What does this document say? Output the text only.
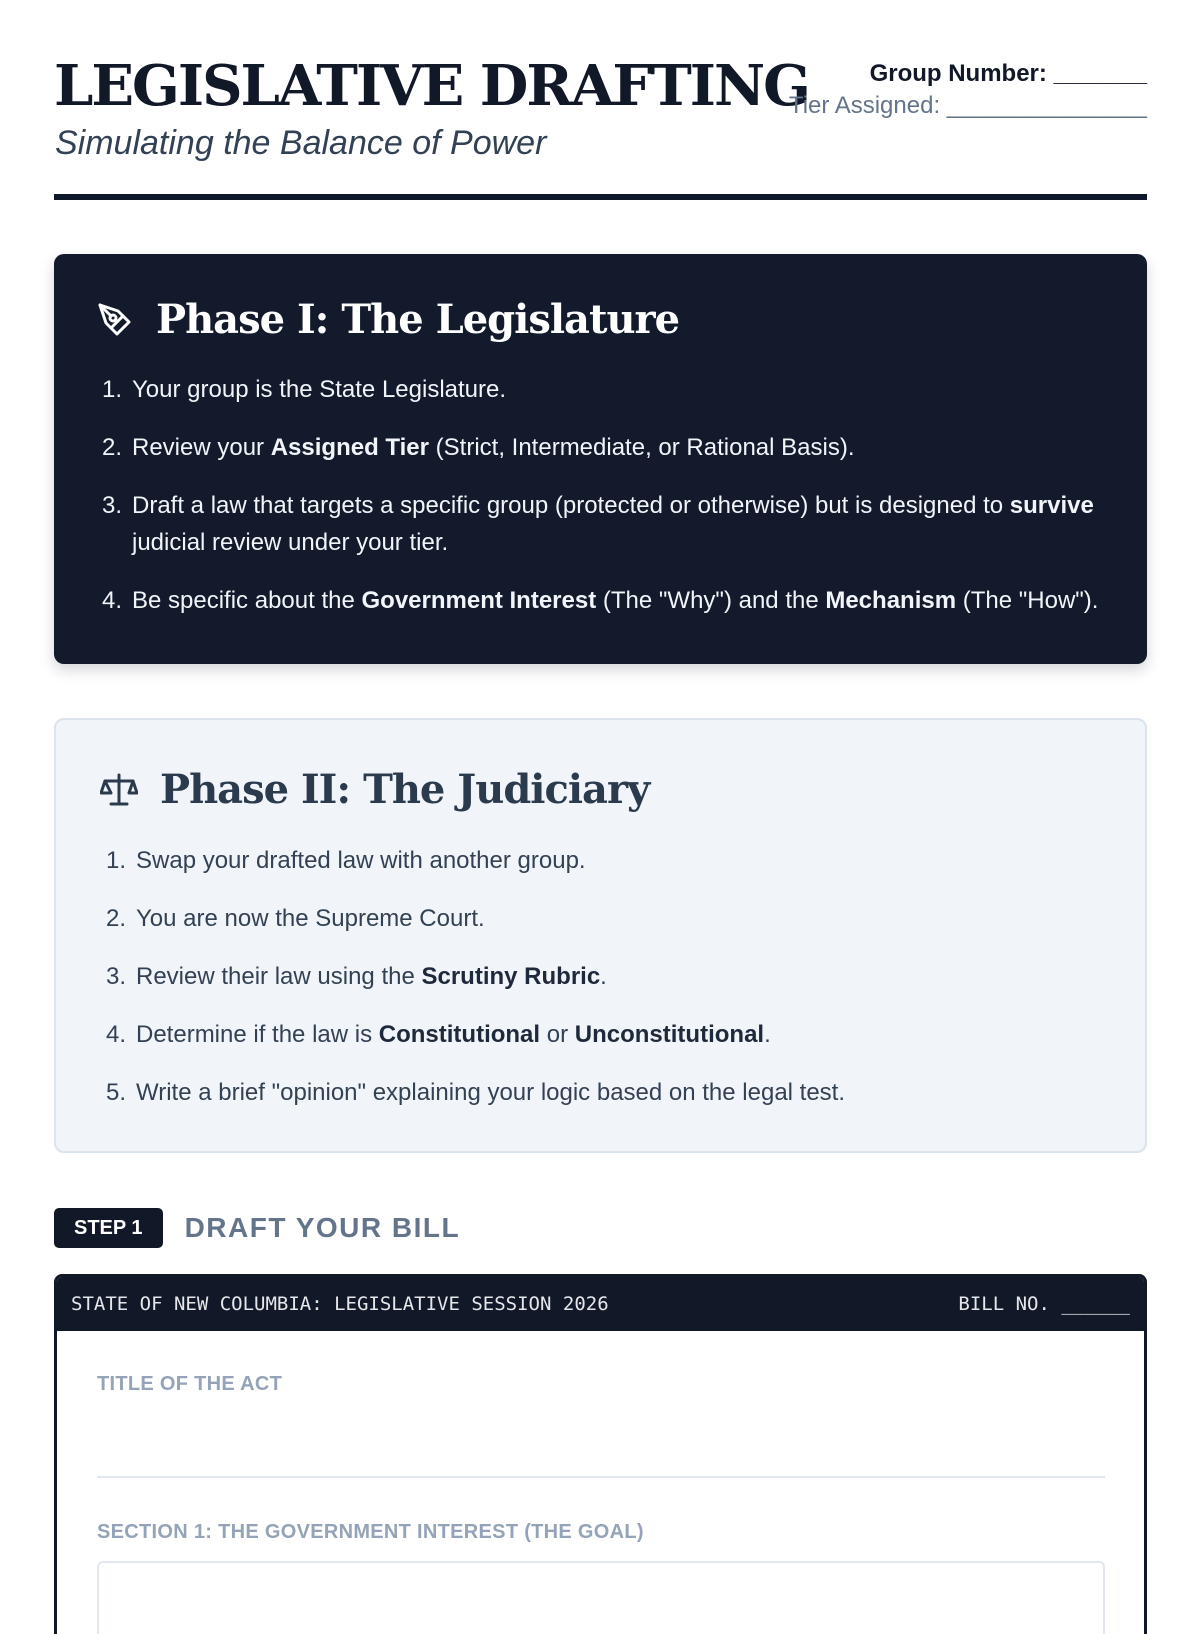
LEGISLATIVE DRAFTING

Simulating the Balance of Power

Group Number: _______
Tier Assigned: _______________
Phase I: The Legislature
1. Your group is the State Legislature.
2. Review your Assigned Tier (Strict, Intermediate, or Rational Basis).
3. Draft a law that targets a specific group (protected or otherwise) but is designed to survive judicial review under your tier.
4. Be specific about the Government Interest (The "Why") and the Mechanism (The "How").
Phase II: The Judiciary
1. Swap your drafted law with another group.
2. You are now the Supreme Court.
3. Review their law using the Scrutiny Rubric.
4. Determine if the law is Constitutional or Unconstitutional.
5. Write a brief "opinion" explaining your logic based on the legal test.
STEP 1	DRAFT YOUR BILL
STATE OF NEW COLUMBIA: LEGISLATIVE SESSION 2026	BILL NO. ______
TITLE OF THE ACT
SECTION 1: THE GOVERNMENT INTEREST (THE GOAL)
